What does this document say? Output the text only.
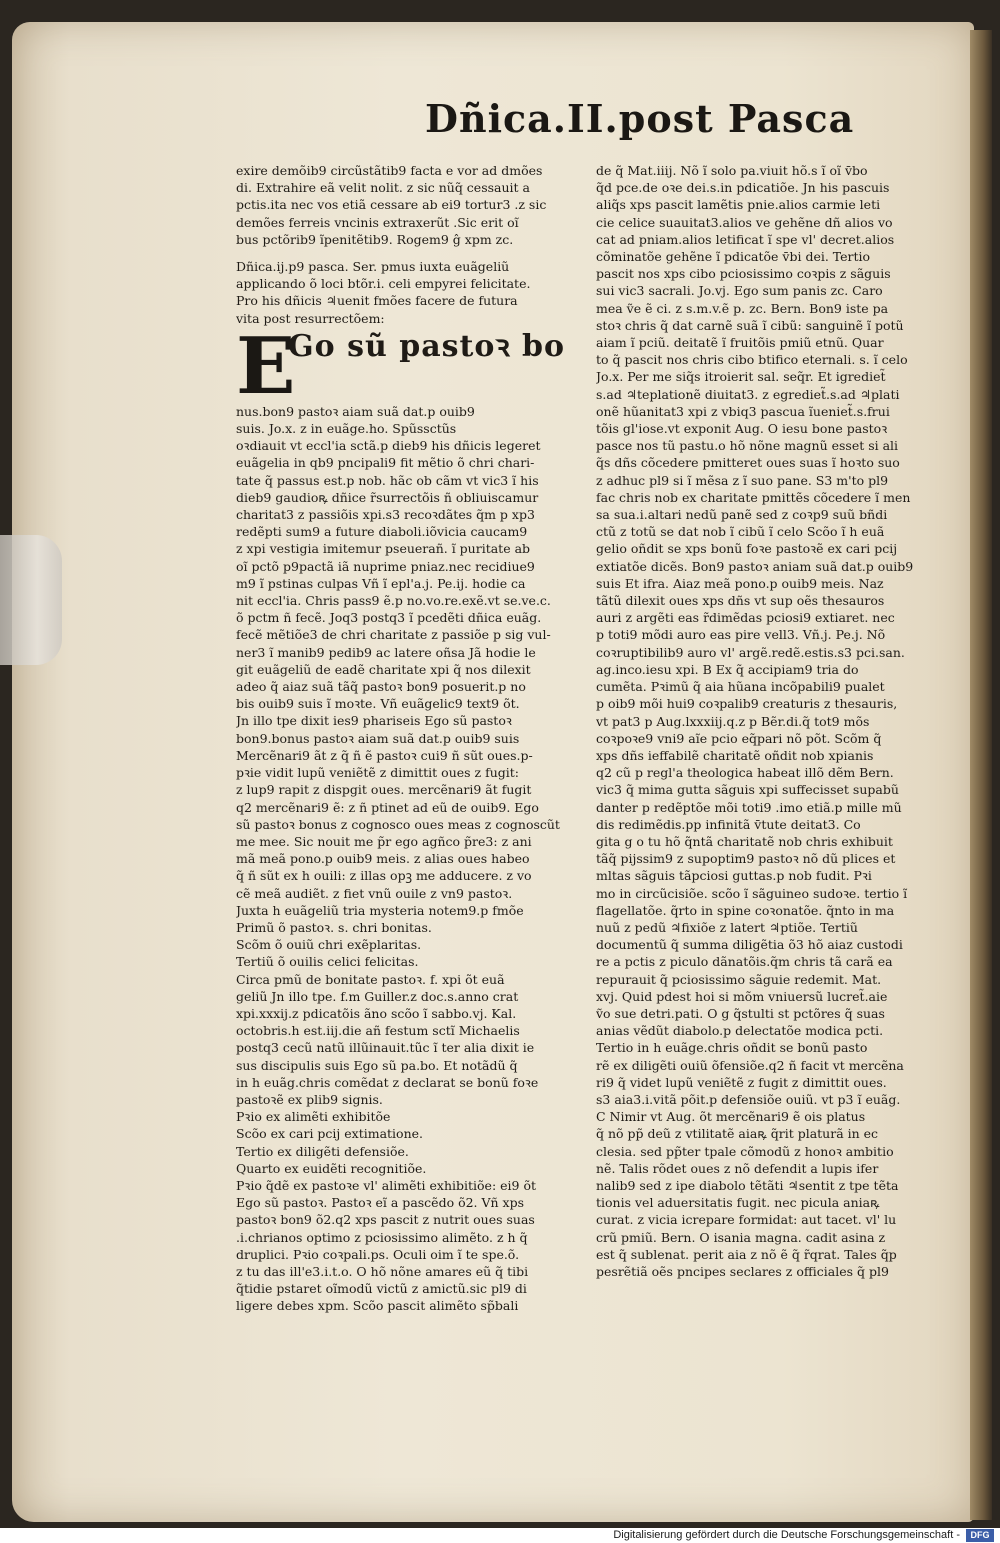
Dñica.II.post Pasca
exire demõib9 circũstãtib9 facta e vor ad dmões
di. Extrahire eã velit nolit. z sic nũq̃ cessauit a
pctis.ita nec vos etiã cessare ab ei9 tortur3 .z sic
demões ferreis vncinis extraxerũt .Sic erit oĩ
bus pctõrib9 ĩpenitẽtib9. Rogem9 ĝ xpm zc.
Dñica.ij.p9 pasca. Ser. pmus iuxta euãgeliũ
applicando õ loci btõr.i. celi empyrei felicitate.
Pro his dñicis ♃uenit fmões facere de futura
vita post resurrectõem:
E
Go sũ pastoꝛ bo
nus.bon9 pastoꝛ aiam suã dat.p ouib9
suis. Jo.x. z in euãge.ho. Spũssctũs
oꝛdiauit vt eccl'ia sctã.p dieb9 his dñicis legeret
euãgelia in qb9 pncipali9 fit mẽtio õ chri chari-
tate q̃ passus est.p nob. hãc ob cãm vt vic3 ĩ his
dieb9 gaudioꝶ dñice r̃surrectõis ñ obliuiscamur
charitat3 z passiõis xpi.s3 recoꝛdãtes q̃m p xp3
redẽpti sum9 a future diaboli.iõvicia caucam9
z xpi vestigia imitemur pseuerañ. ĩ puritate ab
oĩ pctõ p9pactã iã nuprime pniaz.nec recidiue9
m9 ĩ pstinas culpas Vñ ĩ epl'a.j. Pe.ij. hodie ca
nit eccl'ia. Chris pass9 ẽ.p no.vo.re.exẽ.vt se.ve.c.
õ pctm ñ fecẽ. Joq3 postq3 ĩ pcedẽti dñica euãg.
fecẽ mẽtiõe3 de chri charitate z passiõe p sig vul-
ner3 ĩ manib9 pedib9 ac latere oñsa Jã hodie le
git euãgeliũ de eadẽ charitate xpi q̃ nos dilexit
adeo q̃ aiaz suã tãq̃ pastoꝛ bon9 posuerit.p no
bis ouib9 suis ĩ moꝛte. Vñ euãgelic9 text9 õt.
Jn illo tpe dixit ies9 phariseis Ego sũ pastoꝛ
bon9.bonus pastoꝛ aiam suã dat.p ouib9 suis
Mercẽnari9 ãt z q̃ ñ ẽ pastoꝛ cui9 ñ sũt oues.p-
pꝛie vidit lupũ veniẽtẽ z dimittit oues z fugit:
z lup9 rapit z dispgit oues. mercẽnari9 ãt fugit
q2 mercẽnari9 ẽ: z ñ ptinet ad eũ de ouib9. Ego
sũ pastoꝛ bonus z cognosco oues meas z cognoscũt
me mee. Sic nouit me p̃r ego agñco p̃re3: z ani
mã meã pono.p ouib9 meis. z alias oues habeo
q̃ ñ sũt ex h ouili: z illas opꝫ me adducere. z vo
cẽ meã audiẽt. z fiet vnũ ouile z vn9 pastoꝛ.
Juxta h euãgeliũ tria mysteria notem9.p fmõe
Primũ õ pastoꝛ. s. chri bonitas.
Scõm õ ouiũ chri exẽplaritas.
Tertiũ õ ouilis celici felicitas.
Circa pmũ de bonitate pastoꝛ. f. xpi õt euã
geliũ Jn illo tpe. f.m Guiller.z doc.s.anno crat
xpi.xxxij.z pdicatõis ãno scõo ĩ sabbo.vj. Kal.
octobris.h est.iij.die añ festum sctĩ Michaelis
postq3 cecũ natũ illũinauit.tũc ĩ ter alia dixit ie
sus discipulis suis Ego sũ pa.bo. Et notãdũ q̃
in h euãg.chris comẽdat z declarat se bonũ foꝛe
pastoꝛẽ ex plib9 signis.
Pꝛio ex alimẽti exhibitõe
Scõo ex cari pcij extimatione.
Tertio ex diligẽti defensiõe.
Quarto ex euidẽti recognitiõe.
Pꝛio q̃dẽ ex pastoꝛe vl' alimẽti exhibitiõe: ei9 õt
Ego sũ pastoꝛ. Pastoꝛ eĩ a pascẽdo õ2. Vñ xps
pastoꝛ bon9 õ2.q2 xps pascit z nutrit oues suas
.i.chrianos optimo z pciosissimo alimẽto. z h q̃
druplici. Pꝛio coꝛpali.ps. Oculi oim ĩ te spe.õ.
z tu das ill'e3.i.t.o. O hõ nõne amares eũ q̃ tibi
q̃tidie pstaret oĩmodũ victũ z amictũ.sic pl9 di
ligere debes xpm. Scõo pascit alimẽto sp̃bali
de q̃ Mat.iiij. Nõ ĩ solo pa.viuit hõ.s ĩ oĩ v̄bo
q̃d pce.de oꝛe dei.s.in pdicatiõe. Jn his pascuis
aliq̃s xps pascit lamẽtis pnie.alios carmie leti
cie celice suauitat3.alios ve gehẽne dñ alios vo
cat ad pniam.alios letificat ĩ spe vl' decret.alios
cõminatõe gehẽne ĩ pdicatõe v̄bi dei. Tertio
pascit nos xps cibo pciosissimo coꝛpis z sãguis
sui vic3 sacrali. Jo.vj. Ego sum panis zc. Caro
mea ṽe ẽ ci. z s.m.v.ẽ p. zc. Bern. Bon9 iste pa
stoꝛ chris q̃ dat carnẽ suã ĩ cibũ: sanguinẽ ĩ potũ
aiam ĩ pciũ. deitatẽ ĩ fruitõis pmiũ etnũ. Quar
to q̃ pascit nos chris cibo btifico eternali. s. ĩ celo
Jo.x. Per me siq̃s itroierit sal. seq̃r. Et igrediet̃
s.ad ♃teplationẽ diuitat3. z egrediet̃.s.ad ♃plati
onẽ hũanitat3 xpi z vbiq3 pascua ĩueniet̃.s.frui
tõis gl'iose.vt exponit Aug. O iesu bone pastoꝛ
pasce nos tũ pastu.o hõ nõne magnũ esset si ali
q̃s dñs cõcedere pmitteret oues suas ĩ hoꝛto suo
z adhuc pl9 si ĩ mẽsa z ĩ suo pane. S3 m'to pl9
fac chris nob ex charitate pmittẽs cõcedere ĩ men
sa sua.i.altari nedũ panẽ sed z coꝛp9 suũ bñdi
ctũ z totũ se dat nob ĩ cibũ ĩ celo Scõo ĩ h euã
gelio oñdit se xps bonũ foꝛe pastoꝛẽ ex cari pcij
extiatõe dicẽs. Bon9 pastoꝛ aniam suã dat.p ouib9
suis Et ifra. Aiaz meã pono.p ouib9 meis. Naz
tãtũ dilexit oues xps dñs vt sup oẽs thesauros
auri z argẽti eas r̃dimẽdas pciosi9 extiaret. nec
p toti9 mõdi auro eas pire vell3. Vñ.j. Pe.j. Nõ
coꝛruptibilib9 auro vl' argẽ.redẽ.estis.s3 pci.san.
ag.inco.iesu xpi. B Ex q̃ accipiam9 tria do
cumẽta. Pꝛimũ q̃ aia hũana incõpabili9 pualet
p oib9 mõi hui9 coꝛpalib9 creaturis z thesauris,
vt pat3 p Aug.lxxxiij.q.z p Bẽr.di.q̃ tot9 mõs
coꝛpoꝛe9 vni9 aĩe pcio eq̃pari nõ põt. Scõm q̃
xps dñs ieffabilẽ charitatẽ oñdit nob xpianis
q2 cũ p regl'a theologica habeat illõ dẽm Bern.
vic3 q̃ mima gutta sãguis xpi suffecisset supabũ
danter p redẽptõe mõi toti9 .imo etiã.p mille mũ
dis redimẽdis.pp infinitã v̄tute deitat3. Co
gita g o tu hõ q̃ntã charitatẽ nob chris exhibuit
tãq̃ pijssim9 z supoptim9 pastoꝛ nõ dũ plices et
mltas sãguis tãpciosi guttas.p nob fudit. Pꝛi
mo in circũcisiõe. scõo ĩ sãguineo sudoꝛe. tertio ĩ
flagellatõe. q̃rto in spine coꝛonatõe. q̃nto in ma
nuũ z pedũ ♃fixiõe z latert ♃ptiõe. Tertiũ
documentũ q̃ summa diligẽtia õ3 hõ aiaz custodi
re a pctis z piculo dãnatõis.q̃m chris tã carã ea
repurauit q̃ pciosissimo sãguie redemit. Mat.
xvj. Quid pdest hoi si mõm vniuersũ lucret̃.aie
ṽo sue detri.pati. O g q̃stulti st pctõres q̃ suas
anias vẽdũt diabolo.p delectatõe modica pcti.
Tertio in h euãge.chris oñdit se bonũ pasto
rẽ ex diligẽti ouiũ õfensiõe.q2 ñ facit vt mercẽna
ri9 q̃ videt lupũ veniẽtẽ z fugit z dimittit oues.
s3 aia3.i.vitã põit.p defensiõe ouiũ. vt p3 ĩ euãg.
C Nimir vt Aug. õt mercẽnari9 ẽ ois platus
q̃ nõ pp̃ deũ z vtilitatẽ aiaꝶ q̃rit platurã in ec
clesia. sed pp̃ter tpale cõmodũ z honoꝛ ambitio
nẽ. Talis rõdet oues z nõ defendit a lupis ifer
nalib9 sed z ipe diabolo tẽtãti ♃sentit z tpe tẽta
tionis vel aduersitatis fugit. nec picula aniaꝶ
curat. z vicia icrepare formidat: aut tacet. vl' lu
crũ pmiũ. Bern. O isania magna. cadit asina z
est q̃ sublenat. perit aia z nõ ẽ q̃ r̃qrat. Tales q̃p
pesrẽtiã oẽs pncipes seclares z officiales q̃ pl9
Digitalisierung gefördert durch die Deutsche Forschungsgemeinschaft -	DFG
